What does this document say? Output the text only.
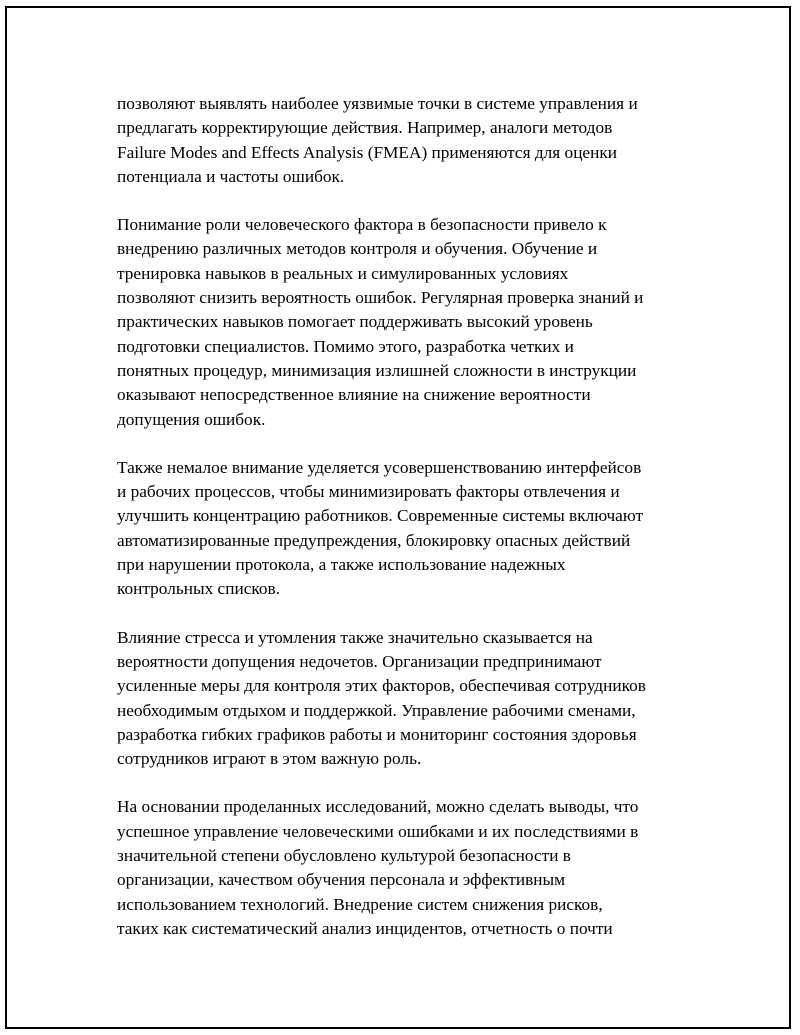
позволяют выявлять наиболее уязвимые точки в системе управления и
предлагать корректирующие действия. Например, аналоги методов
Failure Modes and Effects Analysis (FMEA) применяются для оценки
потенциала и частоты ошибок.

Понимание роли человеческого фактора в безопасности привело к
внедрению различных методов контроля и обучения. Обучение и
тренировка навыков в реальных и симулированных условиях
позволяют снизить вероятность ошибок. Регулярная проверка знаний и
практических навыков помогает поддерживать высокий уровень
подготовки специалистов. Помимо этого, разработка четких и
понятных процедур, минимизация излишней сложности в инструкции
оказывают непосредственное влияние на снижение вероятности
допущения ошибок.

Также немалое внимание уделяется усовершенствованию интерфейсов
и рабочих процессов, чтобы минимизировать факторы отвлечения и
улучшить концентрацию работников. Современные системы включают
автоматизированные предупреждения, блокировку опасных действий
при нарушении протокола, а также использование надежных
контрольных списков.

Влияние стресса и утомления также значительно сказывается на
вероятности допущения недочетов. Организации предпринимают
усиленные меры для контроля этих факторов, обеспечивая сотрудников
необходимым отдыхом и поддержкой. Управление рабочими сменами,
разработка гибких графиков работы и мониторинг состояния здоровья
сотрудников играют в этом важную роль.

На основании проделанных исследований, можно сделать выводы, что
успешное управление человеческими ошибками и их последствиями в
значительной степени обусловлено культурой безопасности в
организации, качеством обучения персонала и эффективным
использованием технологий. Внедрение систем снижения рисков,
таких как систематический анализ инцидентов, отчетность о почти
